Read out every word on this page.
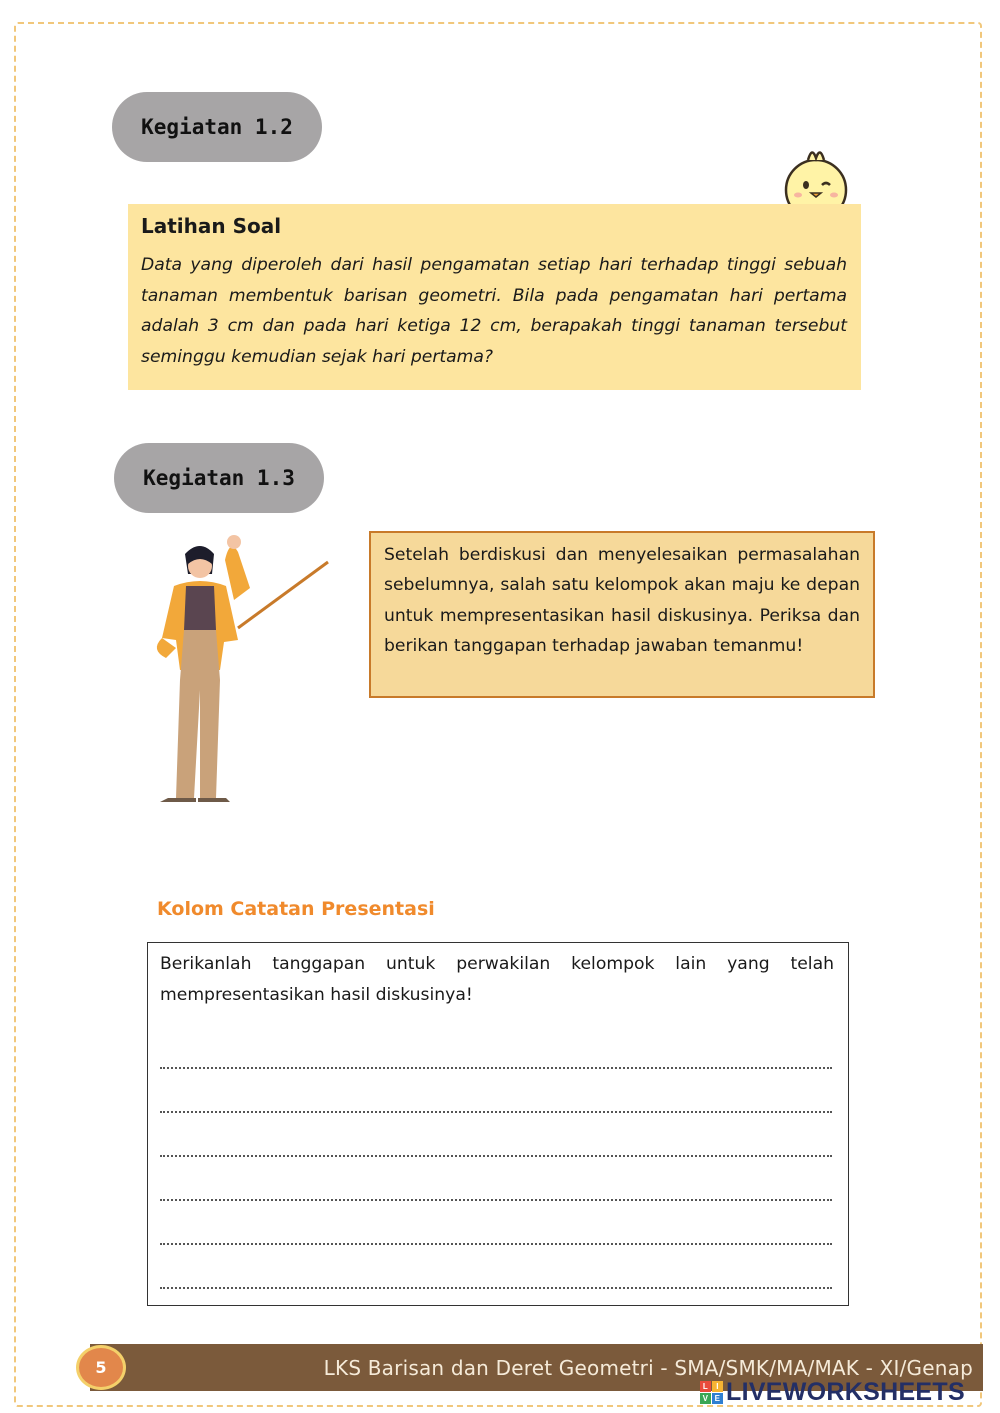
Kegiatan 1.2
Latihan Soal

Data yang diperoleh dari hasil pengamatan setiap hari terhadap tinggi sebuah tanaman membentuk barisan geometri. Bila pada pengamatan hari pertama adalah 3 cm dan pada hari ketiga 12 cm, berapakah tinggi tanaman tersebut seminggu kemudian sejak hari pertama?

Kegiatan 1.3

Setelah berdiskusi dan menyelesaikan permasalahan sebelumnya, salah satu kelompok akan maju ke depan untuk mempresentasikan hasil diskusinya. Periksa dan berikan tanggapan terhadap jawaban temanmu!

Kolom Catatan Presentasi

Berikanlah tanggapan untuk perwakilan kelompok lain yang telah mempresentasikan hasil diskusinya!

LKS Barisan dan Deret Geometri - SMA/SMK/MA/MAK - XI/Genap
5
L	I
V E LIVEWORKSHEETS
